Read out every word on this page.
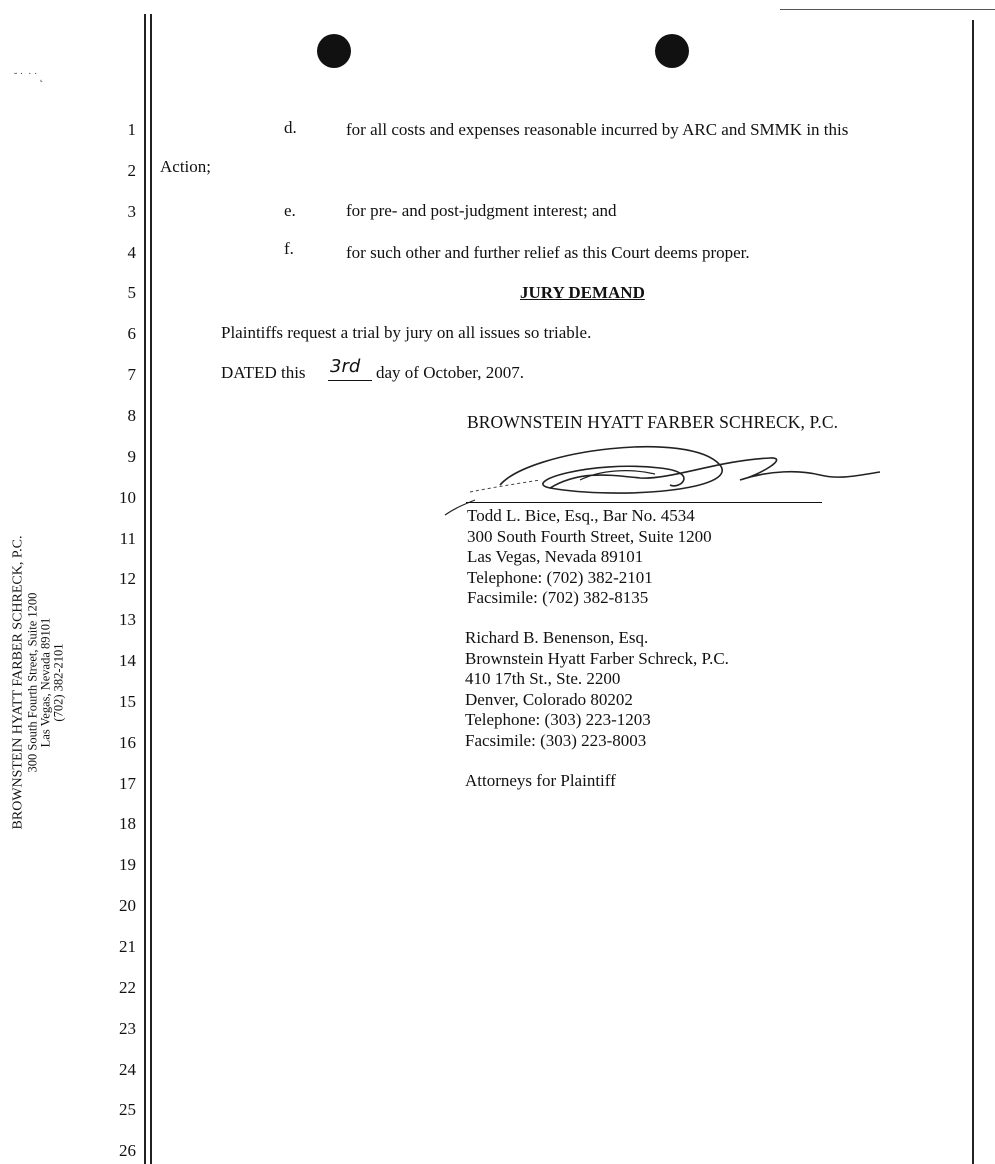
1
2
3
4
5
6
7
8
9
10
11
12
13
14
15
16
17
18
19
20
21
22
23
24
25
26
d.	for all costs and expenses reasonable incurred by ARC and SMMK in this
Action;
e.	for pre- and post-judgment interest; and
f.	for such other and further relief as this Court deems proper.
JURY DEMAND
Plaintiffs request a trial by jury on all issues so triable.
DATED this 3rd day of October, 2007.
BROWNSTEIN HYATT FARBER SCHRECK, P.C.
Todd L. Bice, Esq., Bar No. 4534
300 South Fourth Street, Suite 1200
Las Vegas, Nevada 89101
Telephone: (702) 382-2101
Facsimile: (702) 382-8135
Richard B. Benenson, Esq.
Brownstein Hyatt Farber Schreck, P.C.
410 17th St., Ste. 2200
Denver, Colorado 80202
Telephone: (303) 223-1203
Facsimile: (303) 223-8003
Attorneys for Plaintiff
BROWNSTEIN HYATT FARBER SCHRECK, P.C. 300 South Fourth Street, Suite 1200 Las Vegas, Nevada 89101 (702) 382-2101
˘ ˙  ˙ ˙ ˛
